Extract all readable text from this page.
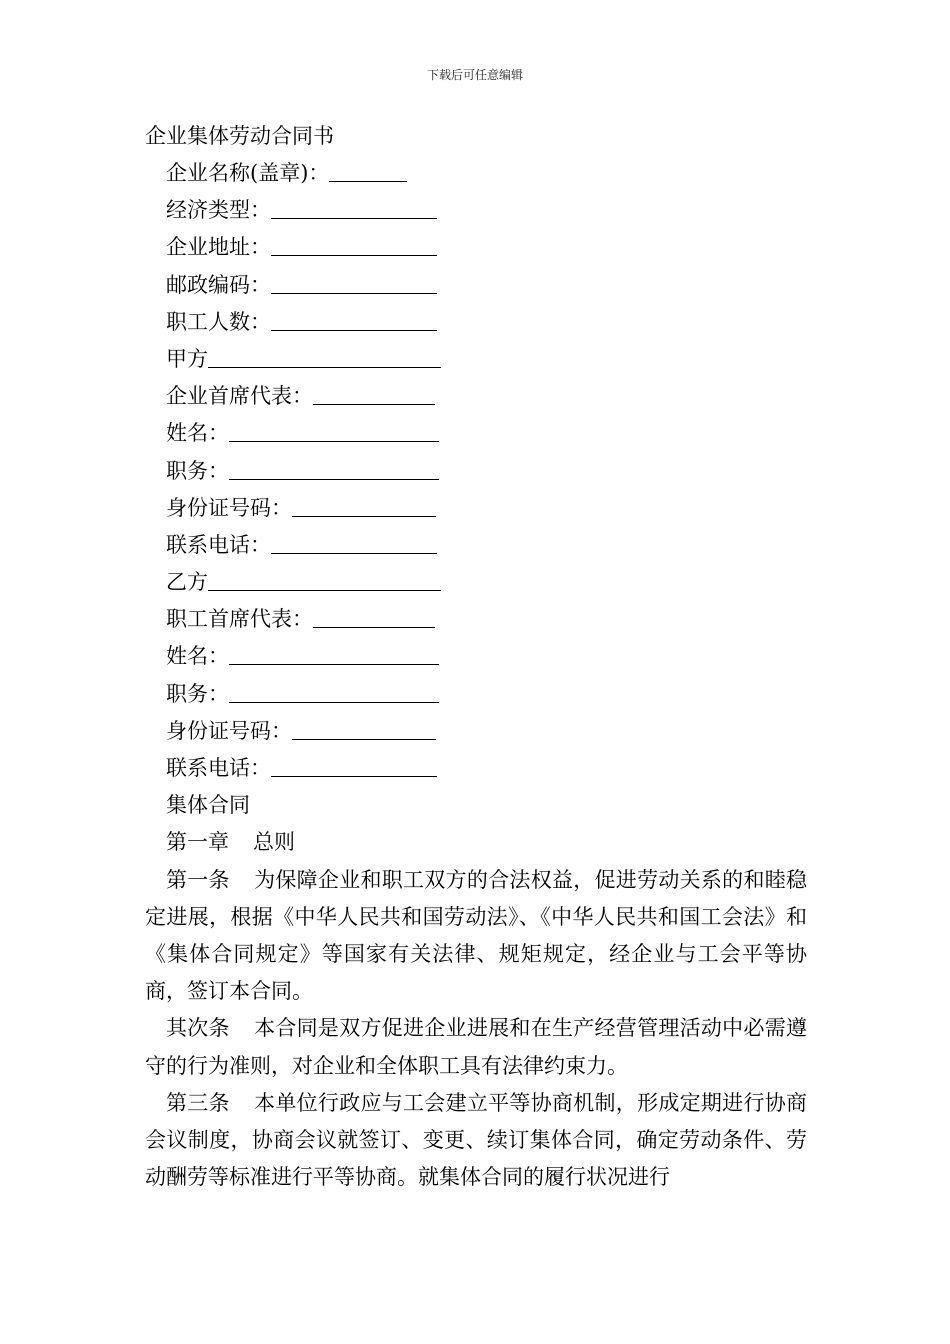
下载后可任意编辑
企业集体劳动合同书
企业名称(盖章)：
经济类型：
企业地址：
邮政编码：
职工人数：
甲方
企业首席代表：
姓名：
职务：
身份证号码：
联系电话：
乙方
职工首席代表：
姓名：
职务：
身份证号码：
联系电话：
集体合同
第一章 总则

第一条 为保障企业和职工双方的合法权益，促进劳动关系的和睦稳定进展，根据《中华人民共和国劳动法》、《中华人民共和国工会法》和《集体合同规定》等国家有关法律、规矩规定，经企业与工会平等协商，签订本合同。

其次条 本合同是双方促进企业进展和在生产经营管理活动中必需遵守的行为准则，对企业和全体职工具有法律约束力。

第三条 本单位行政应与工会建立平等协商机制，形成定期进行协商会议制度，协商会议就签订、变更、续订集体合同，确定劳动条件、劳动酬劳等标准进行平等协商。就集体合同的履行状况进行
